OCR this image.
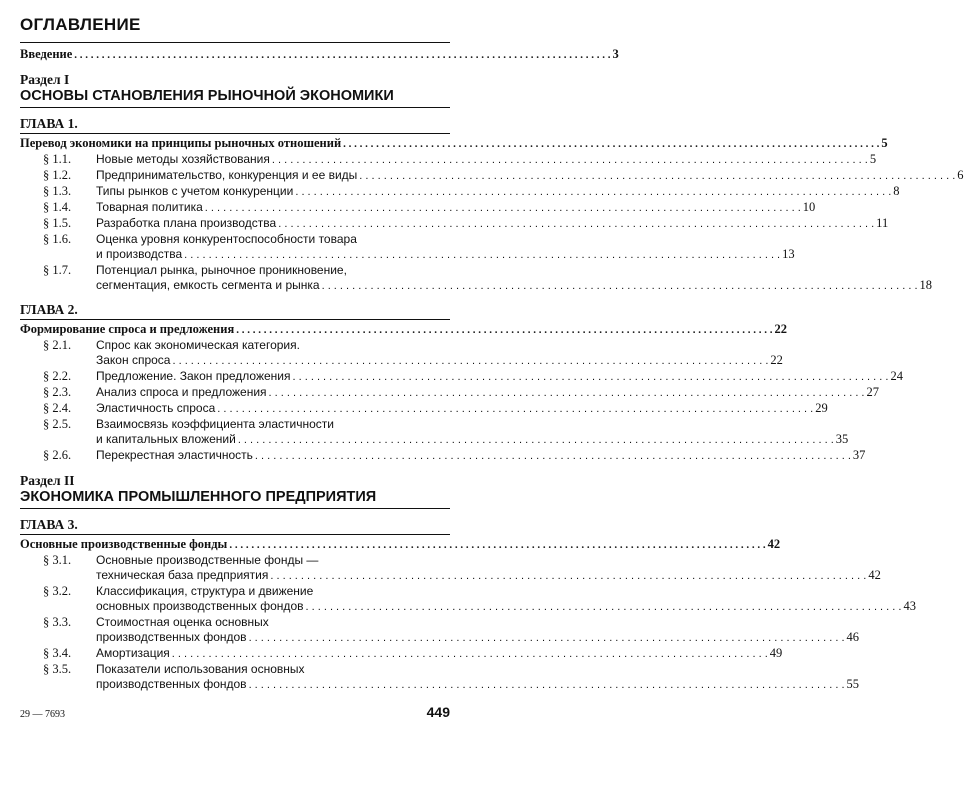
ОГЛАВЛЕНИЕ
Введение . . .	3
Раздел I
ОСНОВЫ СТАНОВЛЕНИЯ РЫНОЧНОЙ ЭКОНОМИКИ
ГЛАВА 1.
Перевод экономики на принципы рыночных отношений . . .	5
§ 1.1.	Новые методы хозяйствования . . .	5
§ 1.2.	Предпринимательство, конкуренция и ее виды . . .	6
§ 1.3.	Типы рынков с учетом конкуренции . . .	8
§ 1.4.	Товарная политика . . .	10
§ 1.5.	Разработка плана производства . . .	11
§ 1.6.	Оценка уровня конкурентоспособности товара
и производства . . .	13
§ 1.7.	Потенциал рынка, рыночное проникновение,
сегментация, емкость сегмента и рынка . . .	18
ГЛАВА 2.
Формирование спроса и предложения . . .	22
§ 2.1.	Спрос как экономическая категория.
Закон спроса . . .	22
§ 2.2.	Предложение. Закон предложения . . .	24
§ 2.3.	Анализ спроса и предложения . . .	27
§ 2.4.	Эластичность спроса . . .	29
§ 2.5.	Взаимосвязь коэффициента эластичности
и капитальных вложений . . .	35
§ 2.6.	Перекрестная эластичность . . .	37
Раздел II
ЭКОНОМИКА ПРОМЫШЛЕННОГО ПРЕДПРИЯТИЯ
ГЛАВА 3.
Основные производственные фонды . . .	42
§ 3.1.	Основные производственные фонды —
техническая база предприятия . . .	42
§ 3.2.	Классификация, структура и движение
основных производственных фондов . . .	43
§ 3.3.	Стоимостная оценка основных
производственных фондов . . .	46
§ 3.4.	Амортизация . . .	49
§ 3.5.	Показатели использования основных
производственных фондов . . .	55
29 — 7693	449
